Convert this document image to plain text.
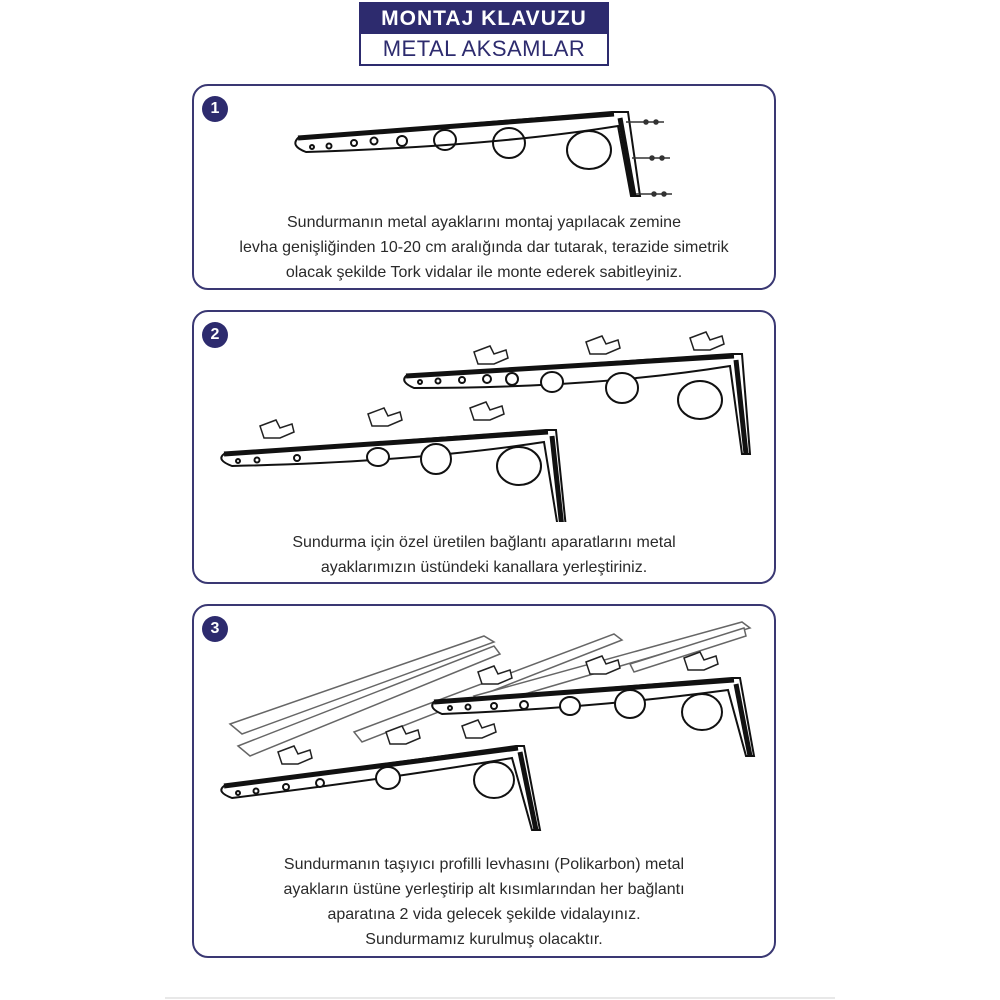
MONTAJ KLAVUZU
METAL AKSAMLAR
1
Sundurmanın metal ayaklarını montaj yapılacak zemine
levha genişliğinden 10-20 cm aralığında dar tutarak, terazide simetrik
olacak şekilde Tork vidalar ile monte ederek sabitleyiniz.
2
Sundurma için özel üretilen bağlantı aparatlarını metal
ayaklarımızın üstündeki kanallara yerleştiriniz.
3
Sundurmanın taşıyıcı profilli levhasını (Polikarbon) metal
ayakların üstüne yerleştirip alt kısımlarından her bağlantı
aparatına 2 vida gelecek şekilde vidalayınız.
Sundurmamız kurulmuş olacaktır.
